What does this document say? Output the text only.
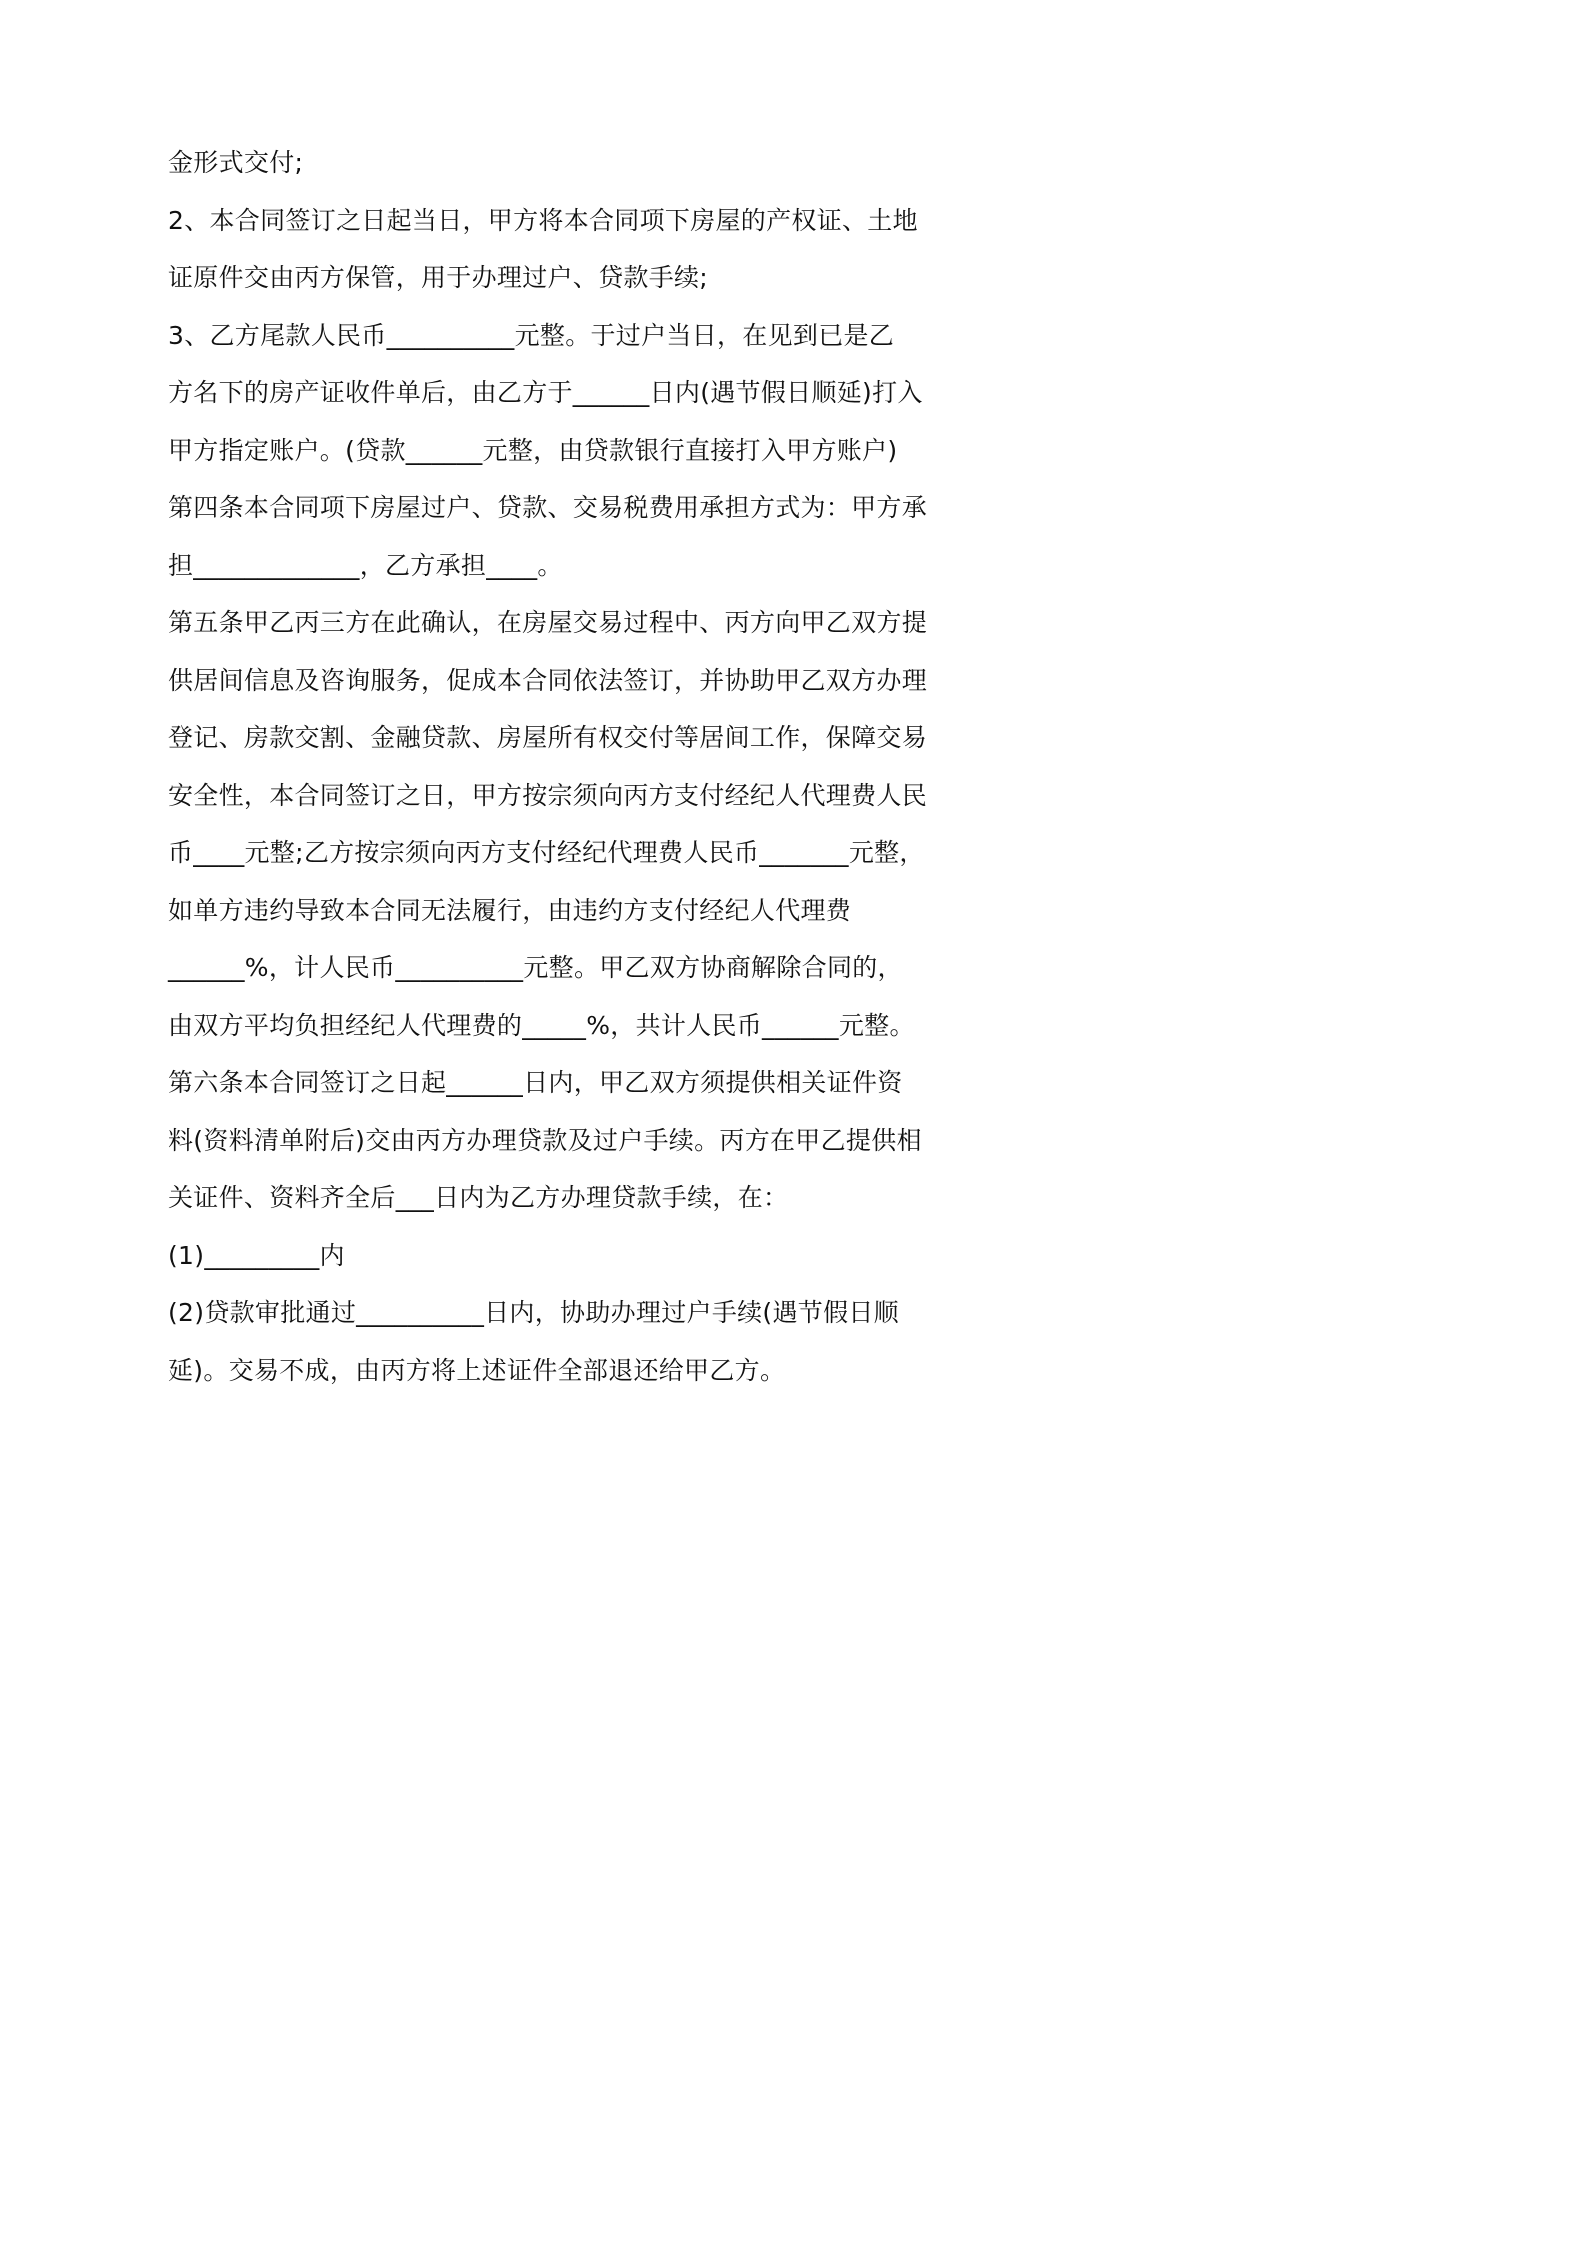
金形式交付;
2、本合同签订之日起当日，甲方将本合同项下房屋的产权证、土地
证原件交由丙方保管，用于办理过户、贷款手续;
3、乙方尾款人民币__________元整。于过户当日，在见到已是乙
方名下的房产证收件单后，由乙方于______日内(遇节假日顺延)打入
甲方指定账户。(贷款______元整，由贷款银行直接打入甲方账户)
第四条本合同项下房屋过户、贷款、交易税费用承担方式为：甲方承
担_____________，乙方承担____。
第五条甲乙丙三方在此确认，在房屋交易过程中、丙方向甲乙双方提
供居间信息及咨询服务，促成本合同依法签订，并协助甲乙双方办理
登记、房款交割、金融贷款、房屋所有权交付等居间工作，保障交易
安全性，本合同签订之日，甲方按宗须向丙方支付经纪人代理费人民
币____元整;乙方按宗须向丙方支付经纪代理费人民币_______元整，
如单方违约导致本合同无法履行，由违约方支付经纪人代理费
______%，计人民币__________元整。甲乙双方协商解除合同的，
由双方平均负担经纪人代理费的_____%，共计人民币______元整。
第六条本合同签订之日起______日内，甲乙双方须提供相关证件资
料(资料清单附后)交由丙方办理贷款及过户手续。丙方在甲乙提供相
关证件、资料齐全后___日内为乙方办理贷款手续，在：
(1)_________内
(2)贷款审批通过__________日内，协助办理过户手续(遇节假日顺
延)。交易不成，由丙方将上述证件全部退还给甲乙方。
